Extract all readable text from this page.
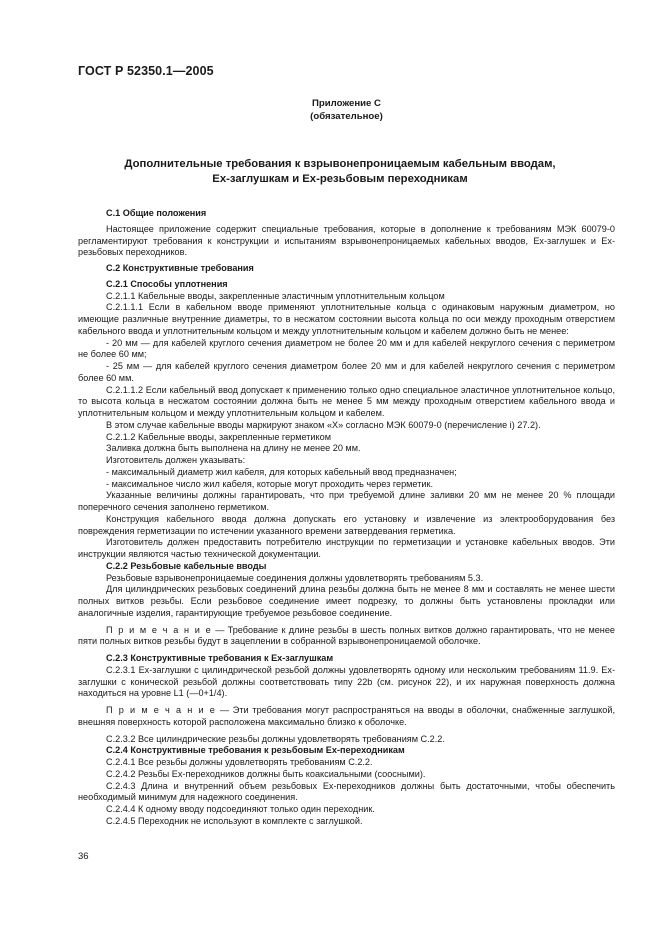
ГОСТ Р 52350.1—2005
Приложение С
(обязательное)
Дополнительные требования к взрывонепроницаемым кабельным вводам,
Ex-заглушкам и Ex-резьбовым переходникам

С.1 Общие положения

Настоящее приложение содержит специальные требования, которые в дополнение к требованиям МЭК 60079-0 регламентируют требования к конструкции и испытаниям взрывонепроницаемых кабельных вводов, Ex-заглушек и Ex-резьбовых переходников.

С.2 Конструктивные требования

С.2.1 Способы уплотнения

С.2.1.1 Кабельные вводы, закрепленные эластичным уплотнительным кольцом

С.2.1.1.1 Если в кабельном вводе применяют уплотнительные кольца с одинаковым наружным диаметром, но имеющие различные внутренние диаметры, то в несжатом состоянии высота кольца по оси между проходным отверстием кабельного ввода и уплотнительным кольцом и между уплотнительным кольцом и кабелем должно быть не менее:

- 20 мм — для кабелей круглого сечения диаметром не более 20 мм и для кабелей некруглого сечения с периметром не более 60 мм;

- 25 мм — для кабелей круглого сечения диаметром более 20 мм и для кабелей некруглого сечения с периметром более 60 мм.

С.2.1.1.2 Если кабельный ввод допускает к применению только одно специальное эластичное уплотнительное кольцо, то высота кольца в несжатом состоянии должна быть не менее 5 мм между проходным отверстием кабельного ввода и уплотнительным кольцом и между уплотнительным кольцом и кабелем.

В этом случае кабельные вводы маркируют знаком «X» согласно МЭК 60079-0 (перечисление i) 27.2).

С.2.1.2 Кабельные вводы, закрепленные герметиком

Заливка должна быть выполнена на длину не менее 20 мм.

Изготовитель должен указывать:

- максимальный диаметр жил кабеля, для которых кабельный ввод предназначен;

- максимальное число жил кабеля, которые могут проходить через герметик.

Указанные величины должны гарантировать, что при требуемой длине заливки 20 мм не менее 20 % площади поперечного сечения заполнено герметиком.

Конструкция кабельного ввода должна допускать его установку и извлечение из электрооборудования без повреждения герметизации по истечении указанного времени затвердевания герметика.

Изготовитель должен предоставить потребителю инструкции по герметизации и установке кабельных вводов. Эти инструкции являются частью технической документации.

С.2.2 Резьбовые кабельные вводы

Резьбовые взрывонепроницаемые соединения должны удовлетворять требованиям 5.3.

Для цилиндрических резьбовых соединений длина резьбы должна быть не менее 8 мм и составлять не менее шести полных витков резьбы. Если резьбовое соединение имеет подрезку, то должны быть установлены прокладки или аналогичные изделия, гарантирующие требуемое резьбовое соединение.

П р и м е ч а н и е — Требование к длине резьбы в шесть полных витков должно гарантировать, что не менее пяти полных витков резьбы будут в зацеплении в собранной взрывонепроницаемой оболочке.

С.2.3 Конструктивные требования к Ex-заглушкам

С.2.3.1 Ex-заглушки с цилиндрической резьбой должны удовлетворять одному или нескольким требованиям 11.9. Ex-заглушки с конической резьбой должны соответствовать типу 22b (см. рисунок 22), и их наружная поверхность должна находиться на уровне L1 (—0+1/4).

П р и м е ч а н и е — Эти требования могут распространяться на вводы в оболочки, снабженные заглушкой, внешняя поверхность которой расположена максимально близко к оболочке.

С.2.3.2 Все цилиндрические резьбы должны удовлетворять требованиям С.2.2.

С.2.4 Конструктивные требования к резьбовым Ex-переходникам

С.2.4.1 Все резьбы должны удовлетворять требованиям С.2.2.

С.2.4.2 Резьбы Ex-переходников должны быть коаксиальными (соосными).

С.2.4.3 Длина и внутренний объем резьбовых Ex-переходников должны быть достаточными, чтобы обеспечить необходимый минимум для надежного соединения.

С.2.4.4 К одному вводу подсоединяют только один переходник.

С.2.4.5 Переходник не используют в комплекте с заглушкой.

36
